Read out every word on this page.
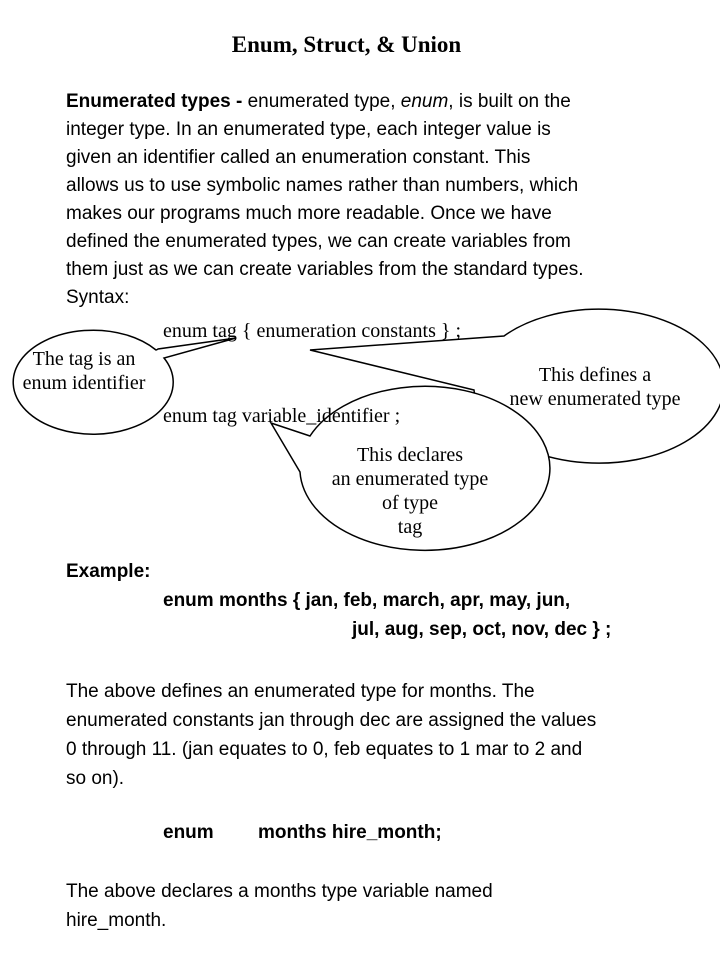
Enum, Struct, & Union
Enumerated types - enumerated type, enum, is built on the
integer type. In an enumerated type, each integer value is
given an identifier called an enumeration constant. This
allows us to use symbolic names rather than numbers, which
makes our programs much more readable. Once we have
defined the enumerated types, we can create variables from
them just as we can create variables from the standard types.
Syntax:
enum tag { enumeration constants } ;
enum tag variable_identifier ;
The tag is an
enum identifier	This defines a
new enumerated type
This declares
an enumerated type
of type
tag
Example:
enum months { jan, feb, march, apr, may, jun,
jul, aug, sep, oct, nov, dec } ;
The above defines an enumerated type for months. The
enumerated constants jan through dec are assigned the values
0 through 11. (jan equates to 0, feb equates to 1 mar to 2 and
so on).
enum months hire_month;
The above declares a months type variable named
hire_month.
